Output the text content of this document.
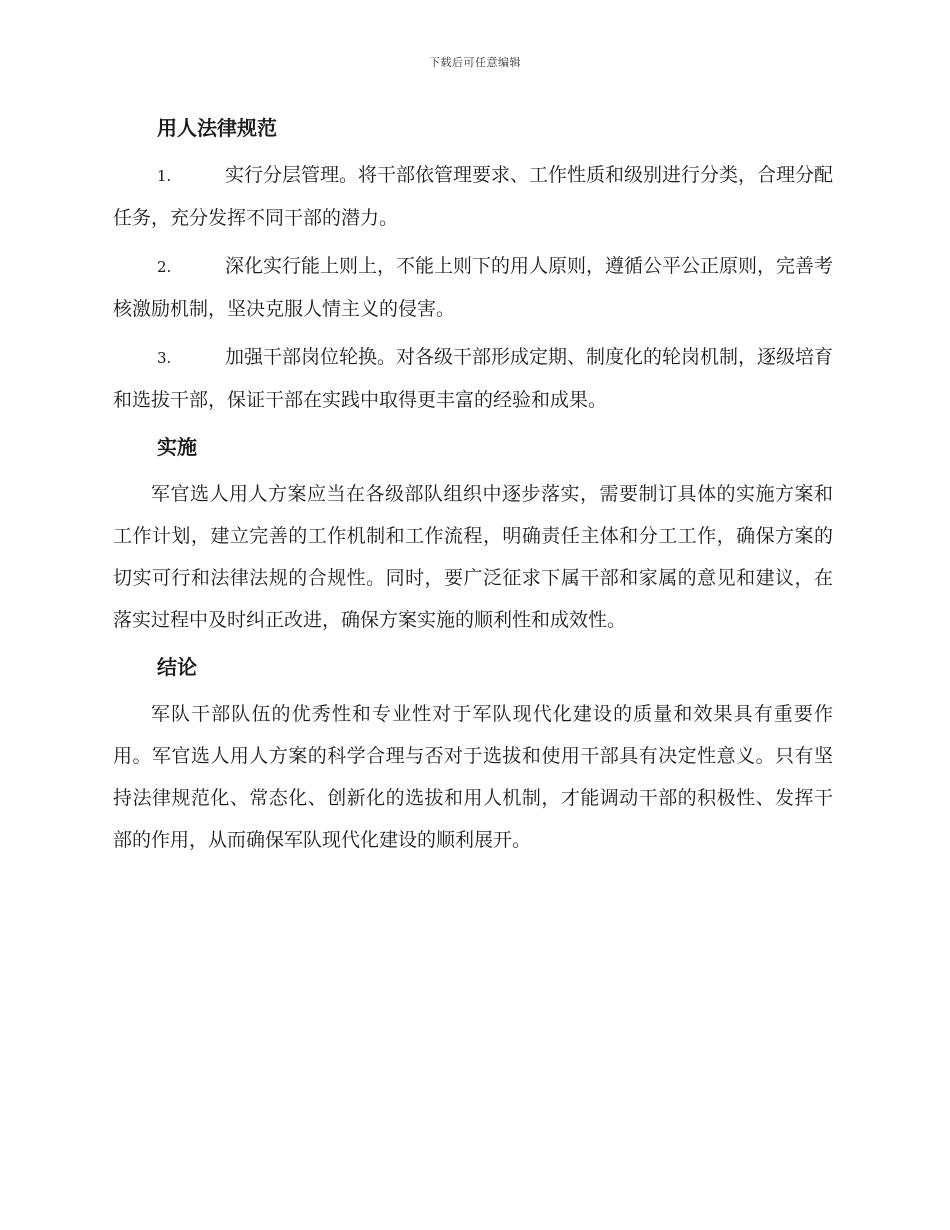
下载后可任意编辑
用人法律规范
1.	实行分层管理。将干部依管理要求、工作性质和级别进行分类，合理分配任务，充分发挥不同干部的潜力。
2.	深化实行能上则上，不能上则下的用人原则，遵循公平公正原则，完善考核激励机制，坚决克服人情主义的侵害。
3.	加强干部岗位轮换。对各级干部形成定期、制度化的轮岗机制，逐级培育和选拔干部，保证干部在实践中取得更丰富的经验和成果。
实施
军官选人用人方案应当在各级部队组织中逐步落实，需要制订具体的实施方案和工作计划，建立完善的工作机制和工作流程，明确责任主体和分工工作，确保方案的切实可行和法律法规的合规性。同时，要广泛征求下属干部和家属的意见和建议，在落实过程中及时纠正改进，确保方案实施的顺利性和成效性。
结论
军队干部队伍的优秀性和专业性对于军队现代化建设的质量和效果具有重要作用。军官选人用人方案的科学合理与否对于选拔和使用干部具有决定性意义。只有坚持法律规范化、常态化、创新化的选拔和用人机制，才能调动干部的积极性、发挥干部的作用，从而确保军队现代化建设的顺利展开。
